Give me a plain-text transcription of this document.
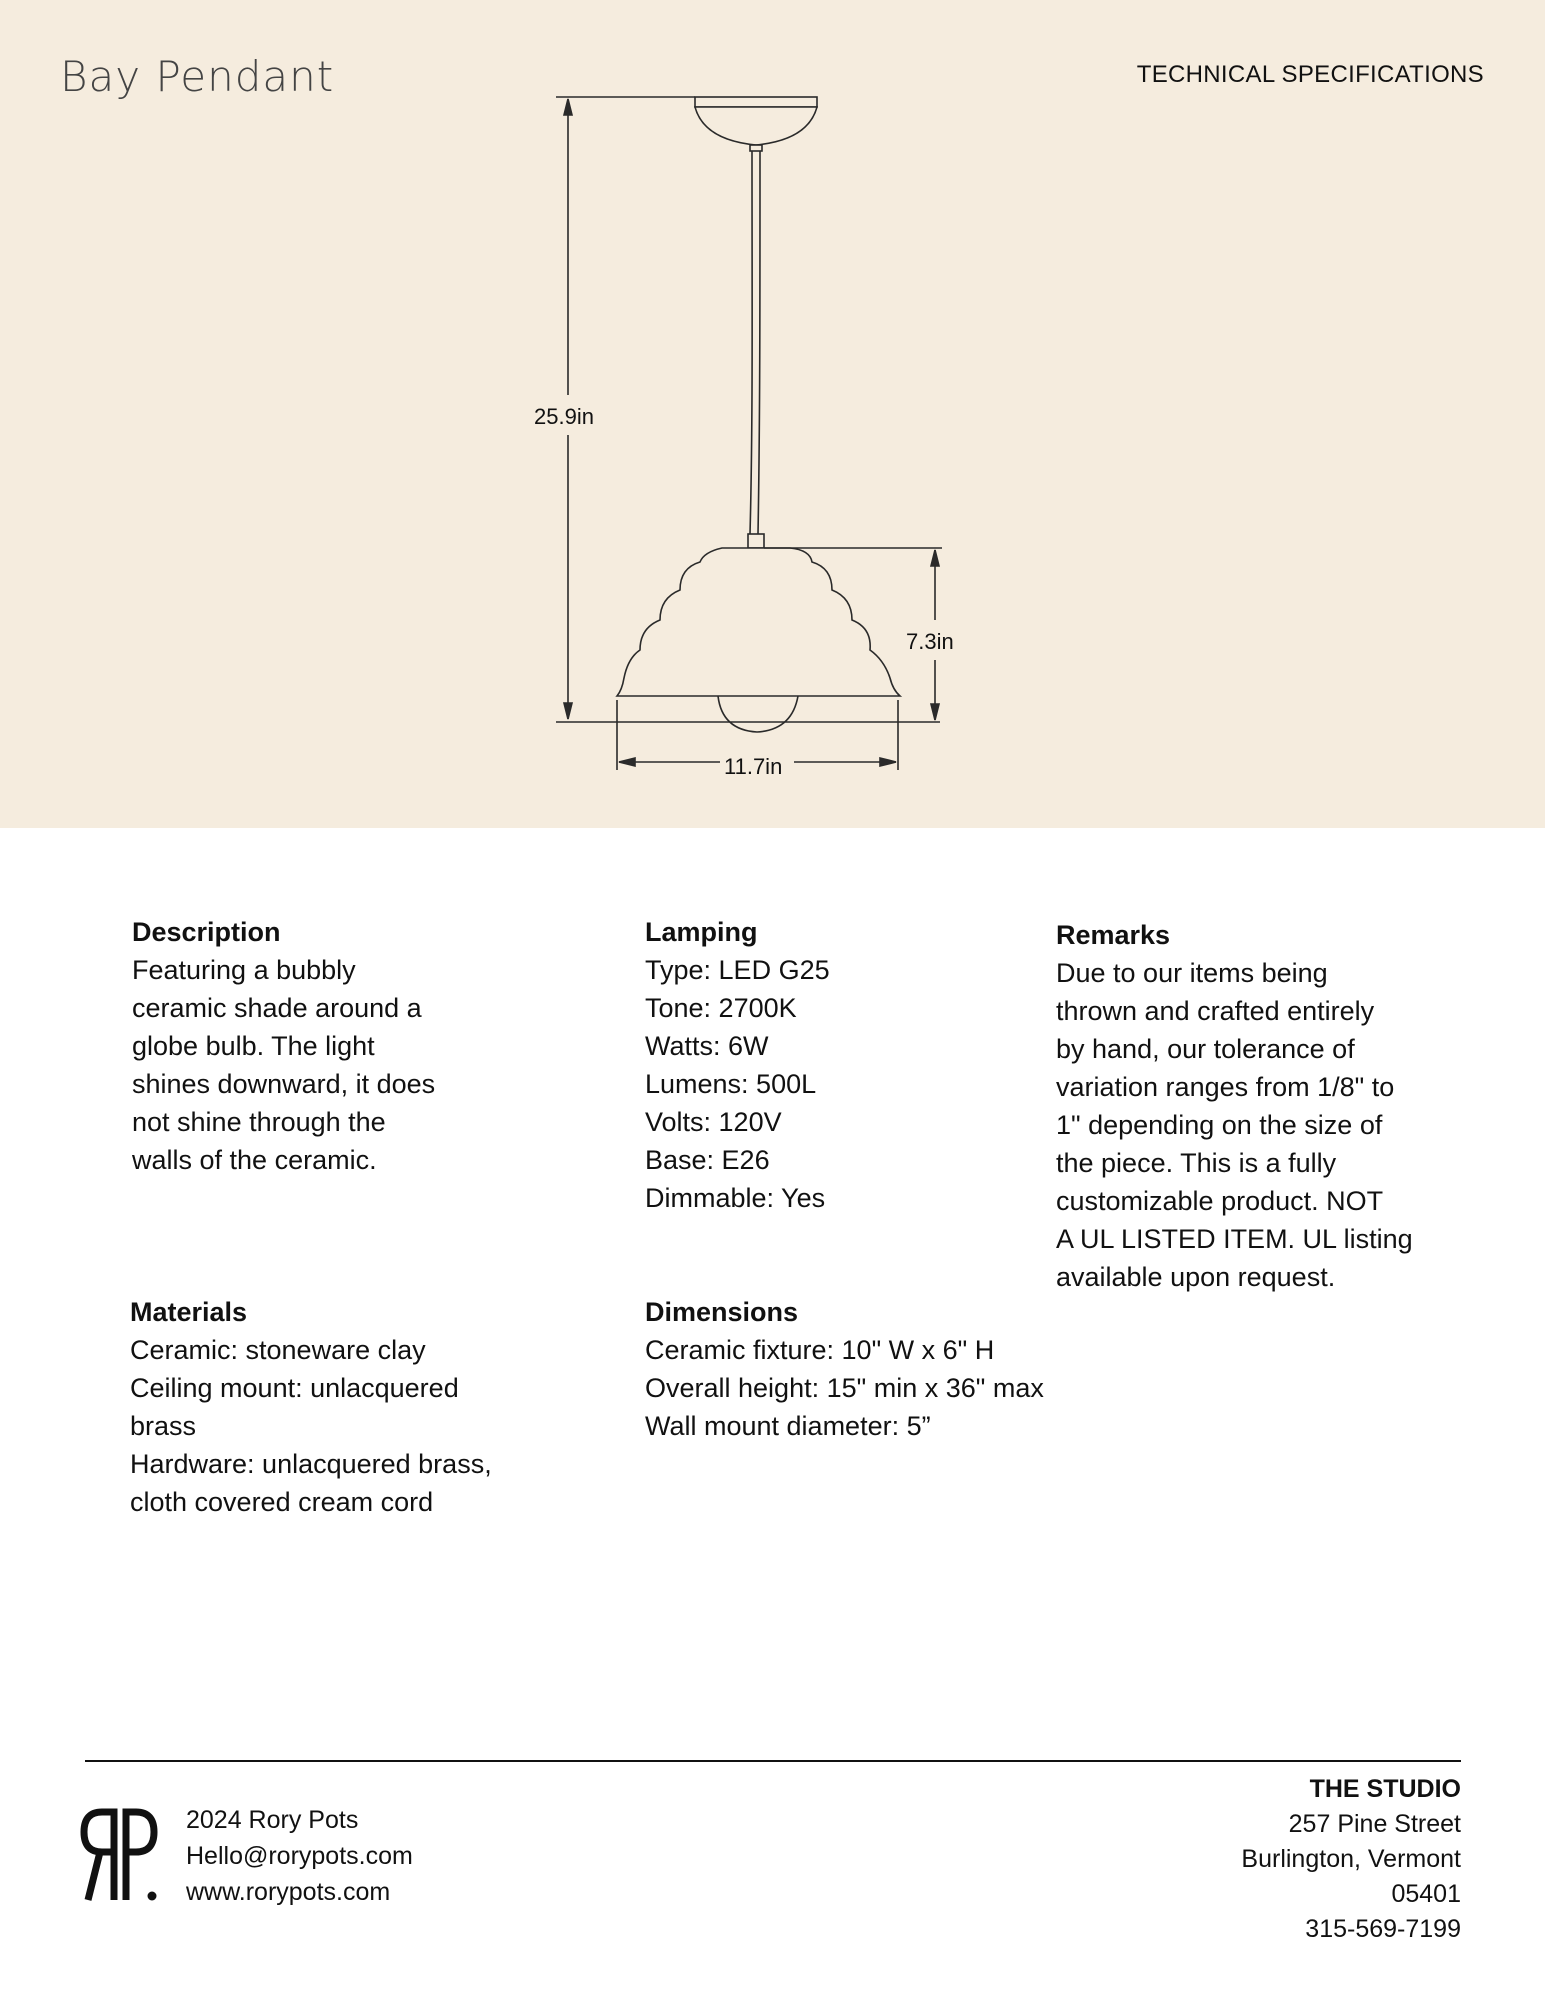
Bay Pendant	TECHNICAL SPECIFICATIONS
25.9in
7.3in
11.7in
Description

Featuring a bubbly
ceramic shade around a
globe bulb. The light
shines downward, it does
not shine through the
walls of the ceramic.

Lamping
Type: LED G25
Tone: 2700K
Watts: 6W
Lumens: 500L
Volts: 120V
Base: E26
Dimmable: Yes
Remarks

Due to our items being
thrown and crafted entirely
by hand, our tolerance of
variation ranges from 1/8" to
1" depending on the size of
the piece. This is a fully
customizable product. NOT
A UL LISTED ITEM. UL listing
available upon request.

Materials

Ceramic: stoneware clay
Ceiling mount: unlacquered
brass
Hardware: unlacquered brass,
cloth covered cream cord

Dimensions
Ceramic fixture: 10" W x 6" H
Overall height: 15" min x 36" max
Wall mount diameter: 5”
2024 Rory Pots
Hello@rorypots.com
www.rorypots.com
THE STUDIO
257 Pine Street
Burlington, Vermont
05401
315-569-7199
